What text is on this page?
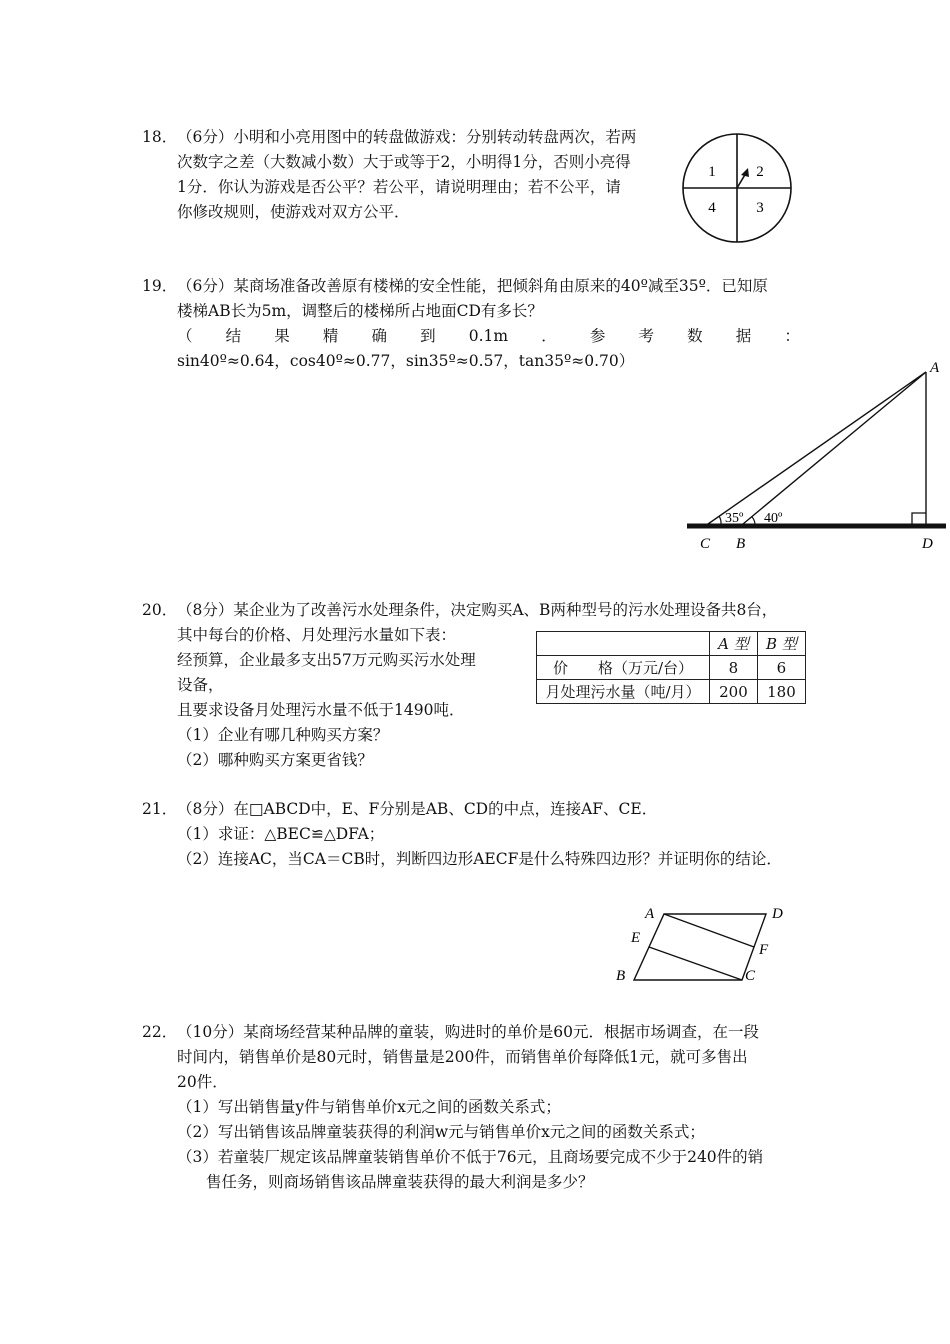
18． （6分）小明和小亮用图中的转盘做游戏：分别转动转盘两次，若两
次数字之差（大数减小数）大于或等于2，小明得1分，否则小亮得
1分．你认为游戏是否公平？若公平，请说明理由；若不公平，请
你修改规则，使游戏对双方公平．
1	2
4	3
19． （6分）某商场准备改善原有楼梯的安全性能，把倾斜角由原来的40º减至35º．已知原
楼梯AB长为5m，调整后的楼梯所占地面CD有多长？
（ 结 果 精 确 到 0.1m ． 参 考 数 据 ：
sin40º≈0.64，cos40º≈0.77，sin35º≈0.57，tan35º≈0.70）
35º 40º
A
C B	D
20． （8分）某企业为了改善污水处理条件，决定购买A、B两种型号的污水处理设备共8台，
其中每台的价格、月处理污水量如下表：
经预算，企业最多支出57万元购买污水处理
设备，
且要求设备月处理污水量不低于1490吨．
（1）企业有哪几种购买方案？
（2）哪种购买方案更省钱？
	A 型	B 型
价　　格（万元/台）	8	6
月处理污水量（吨/月）	200	180
21． （8分）在□ABCD中，E、F分别是AB、CD的中点，连接AF、CE．
（1）求证：△BEC≌△DFA；
（2）连接AC，当CA＝CB时，判断四边形AECF是什么特殊四边形？并证明你的结论．
A	D
E
F
B	C
22． （10分）某商场经营某种品牌的童装，购进时的单价是60元．根据市场调查，在一段
时间内，销售单价是80元时，销售量是200件，而销售单价每降低1元，就可多售出
20件．
（1）写出销售量y件与销售单价x元之间的函数关系式；
（2）写出销售该品牌童装获得的利润w元与销售单价x元之间的函数关系式；
（3）若童装厂规定该品牌童装销售单价不低于76元，且商场要完成不少于240件的销
售任务，则商场销售该品牌童装获得的最大利润是多少？
